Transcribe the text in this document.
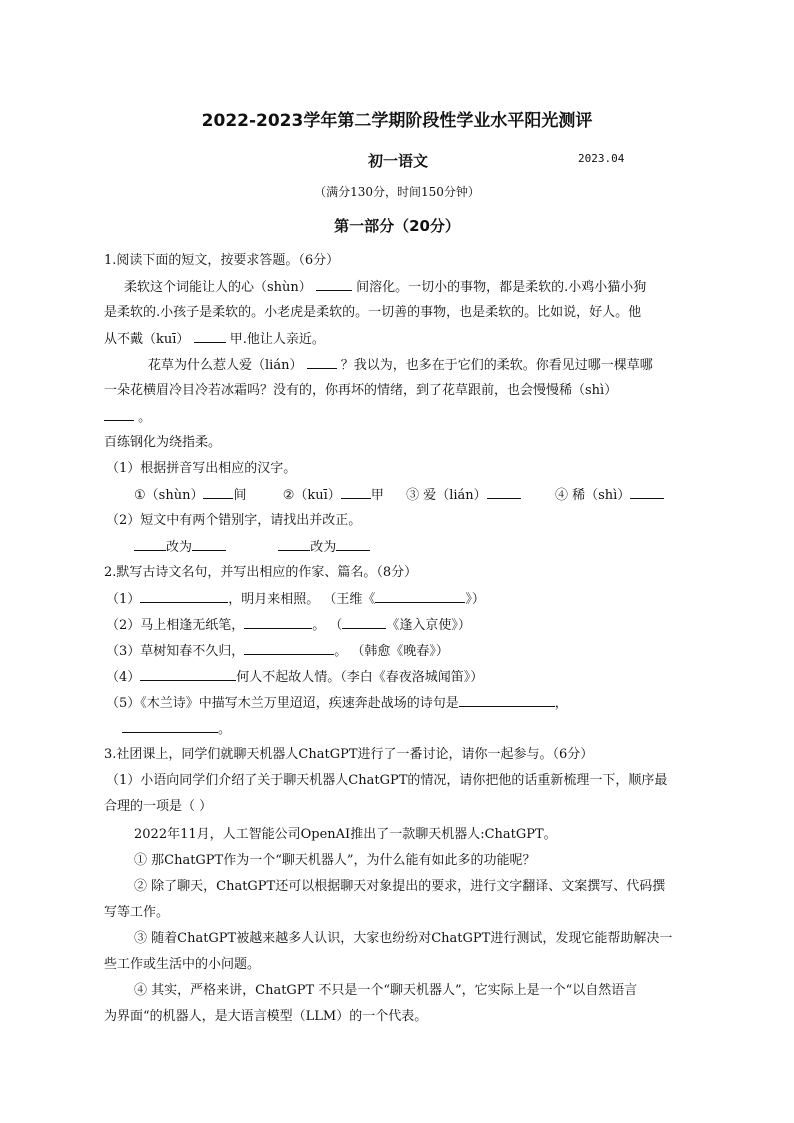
2022-2023学年第二学期阶段性学业水平阳光测评
初一语文	2023.04
（满分130分，时间150分钟）
第一部分（20分）
1.阅读下面的短文，按要求答题。（6分）
柔软这个词能让人的心（shùn）	间溶化。一切小的事物，都是柔软的.小鸡小猫小狗
是柔软的.小孩子是柔软的。小老虎是柔软的。一切善的事物，也是柔软的。比如说，好人。他
从不戴（kuī）	甲.他让人亲近。
花草为什么惹人爱（lián）	？我以为，也多在于它们的柔软。你看见过哪一棵草哪
一朵花横眉冷目冷若冰霜吗？没有的，你再坏的情绪，到了花草跟前，也会慢慢稀（shì）
。
百练钢化为绕指柔。
（1）根据拼音写出相应的汉字。
①（shùn） 间	②（kuī） 甲 ③ 爱（lián）	④ 稀（shì）
（2）短文中有两个错别字，请找出并改正。
改为	改为
2.默写古诗文名句，并写出相应的作家、篇名。（8分）
（1）	，明月来相照。 （王维《	》）
（2）马上相逢无纸笔，	。 （	《逢入京使》）
（3）草树知春不久归，	。 （韩愈《晚春》）
（4）	何人不起故人情。（李白《春夜洛城闻笛》）
（5）《木兰诗》中描写木兰万里迢迢，疾速奔赴战场的诗句是	，
。
3.社团课上，同学们就聊天机器人ChatGPT进行了一番讨论，请你一起参与。（6分）
（1）小语向同学们介绍了关于聊天机器人ChatGPT的情况，请你把他的话重新梳理一下，顺序最
合理的一项是（ ）
2022年11月，人工智能公司OpenAI推出了一款聊天机器人:ChatGPT。
① 那ChatGPT作为一个“聊天机器人”，为什么能有如此多的功能呢？
② 除了聊天，ChatGPT还可以根据聊天对象提出的要求，进行文字翻译、文案撰写、代码撰
写等工作。
③ 随着ChatGPT被越来越多人认识，大家也纷纷对ChatGPT进行测试，发现它能帮助解决一
些工作或生活中的小问题。
④ 其实，严格来讲，ChatGPT 不只是一个“聊天机器人”，它实际上是一个“以自然语言
为界面“的机器人，是大语言模型（LLM）的一个代表。
